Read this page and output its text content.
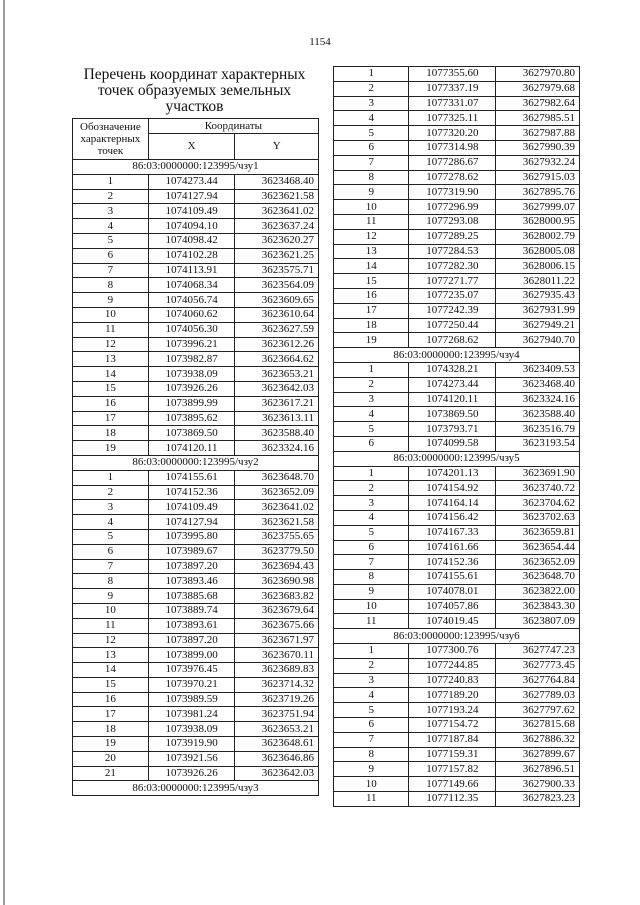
1154
Перечень координат характерных точек образуемых земельных участков
Обозначение характерных точек	Координаты	
	X	Y
86:03:0000000:123995/чзу1		
1	1074273.44	3623468.40
2	1074127.94	3623621.58
3	1074109.49	3623641.02
4	1074094.10	3623637.24
5	1074098.42	3623620.27
6	1074102.28	3623621.25
7	1074113.91	3623575.71
8	1074068.34	3623564.09
9	1074056.74	3623609.65
10	1074060.62	3623610.64
11	1074056.30	3623627.59
12	1073996.21	3623612.26
13	1073982.87	3623664.62
14	1073938.09	3623653.21
15	1073926.26	3623642.03
16	1073899.99	3623617.21
17	1073895.62	3623613.11
18	1073869.50	3623588.40
19	1074120.11	3623324.16
86:03:0000000:123995/чзу2		
1	1074155.61	3623648.70
2	1074152.36	3623652.09
3	1074109.49	3623641.02
4	1074127.94	3623621.58
5	1073995.80	3623755.65
6	1073989.67	3623779.50
7	1073897.20	3623694.43
8	1073893.46	3623690.98
9	1073885.68	3623683.82
10	1073889.74	3623679.64
11	1073893.61	3623675.66
12	1073897.20	3623671.97
13	1073899.00	3623670.11
14	1073976.45	3623689.83
15	1073970.21	3623714.32
16	1073989.59	3623719.26
17	1073981.24	3623751.94
18	1073938.09	3623653.21
19	1073919.90	3623648.61
20	1073921.56	3623646.86
21	1073926.26	3623642.03
86:03:0000000:123995/чзу3		
1	1077355.60	3627970.80
2	1077337.19	3627979.68
3	1077331.07	3627982.64
4	1077325.11	3627985.51
5	1077320.20	3627987.88
6	1077314.98	3627990.39
7	1077286.67	3627932.24
8	1077278.62	3627915.03
9	1077319.90	3627895.76
10	1077296.99	3627999.07
11	1077293.08	3628000.95
12	1077289.25	3628002.79
13	1077284.53	3628005.08
14	1077282.30	3628006.15
15	1077271.77	3628011.22
16	1077235.07	3627935.43
17	1077242.39	3627931.99
18	1077250.44	3627949.21
19	1077268.62	3627940.70
86:03:0000000:123995/чзу4		
1	1074328.21	3623409.53
2	1074273.44	3623468.40
3	1074120.11	3623324.16
4	1073869.50	3623588.40
5	1073793.71	3623516.79
6	1074099.58	3623193.54
86:03:0000000:123995/чзу5		
1	1074201.13	3623691.90
2	1074154.92	3623740.72
3	1074164.14	3623704.62
4	1074156.42	3623702.63
5	1074167.33	3623659.81
6	1074161.66	3623654.44
7	1074152.36	3623652.09
8	1074155.61	3623648.70
9	1074078.01	3623822.00
10	1074057.86	3623843.30
11	1074019.45	3623807.09
86:03:0000000:123995/чзу6		
1	1077300.76	3627747.23
2	1077244.85	3627773.45
3	1077240.83	3627764.84
4	1077189.20	3627789.03
5	1077193.24	3627797.62
6	1077154.72	3627815.68
7	1077187.84	3627886.32
8	1077159.31	3627899.67
9	1077157.82	3627896.51
10	1077149.66	3627900.33
11	1077112.35	3627823.23
